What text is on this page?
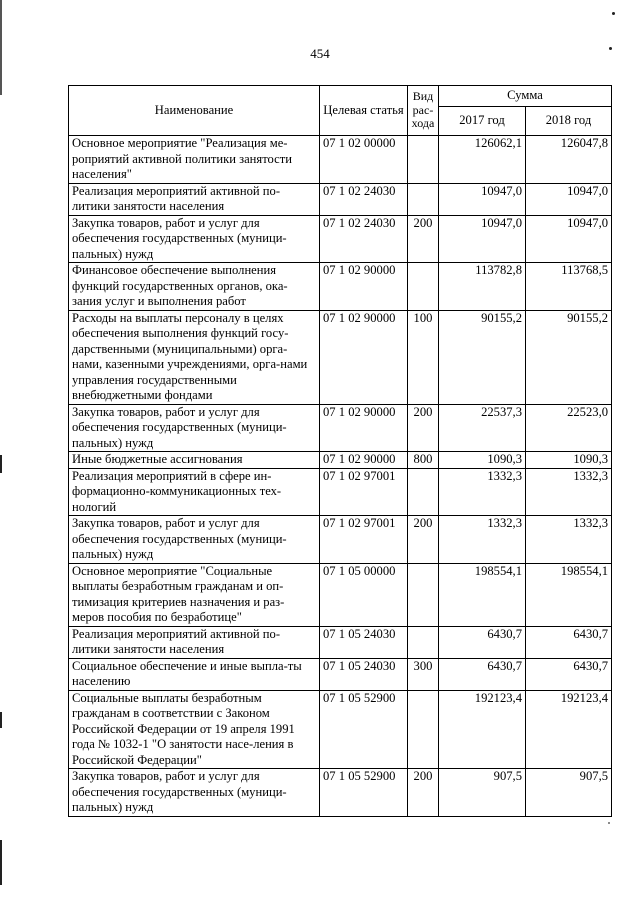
454
Наименование	Целевая статья	Вид рас-ходa	Сумма	
			2017 год	2018 год
Основное мероприятие "Реализация ме-роприятий активной политики занятости населения"	07 1 02 00000		126062,1	126047,8
Реализация мероприятий активной по-литики занятости населения	07 1 02 24030		10947,0	10947,0
Закупка товаров, работ и услуг для обеспечения государственных (муници-пальных) нужд	07 1 02 24030	200	10947,0	10947,0
Финансовое обеспечение выполнения функций государственных органов, ока-зания услуг и выполнения работ	07 1 02 90000		113782,8	113768,5
Расходы на выплаты персоналу в целях обеспечения выполнения функций госу-дарственными (муниципальными) орга-нами, казенными учреждениями, орга-нами управления государственными внебюджетными фондами	07 1 02 90000	100	90155,2	90155,2
Закупка товаров, работ и услуг для обеспечения государственных (муници-пальных) нужд	07 1 02 90000	200	22537,3	22523,0
Иные бюджетные ассигнования	07 1 02 90000	800	1090,3	1090,3
Реализация мероприятий в сфере ин-формационно-коммуникационных тех-нологий	07 1 02 97001		1332,3	1332,3
Закупка товаров, работ и услуг для обеспечения государственных (муници-пальных) нужд	07 1 02 97001	200	1332,3	1332,3
Основное мероприятие "Социальные выплаты безработным гражданам и оп-тимизация критериев назначения и раз-меров пособия по безработице"	07 1 05 00000		198554,1	198554,1
Реализация мероприятий активной по-литики занятости населения	07 1 05 24030		6430,7	6430,7
Социальное обеспечение и иные выпла-ты населению	07 1 05 24030	300	6430,7	6430,7
Социальные выплаты безработным гражданам в соответствии с Законом Российской Федерации от 19 апреля 1991 года № 1032-1 "О занятости насе-ления в Российской Федерации"	07 1 05 52900		192123,4	192123,4
Закупка товаров, работ и услуг для обеспечения государственных (муници-пальных) нужд	07 1 05 52900	200	907,5	907,5
